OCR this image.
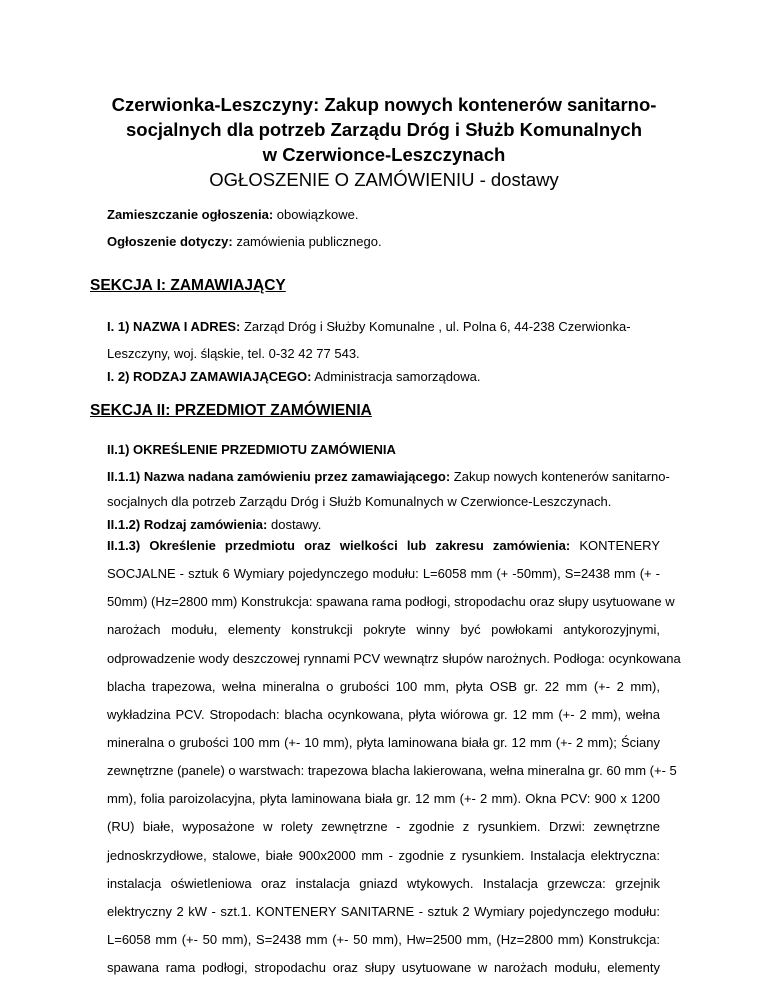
Czerwionka-Leszczyny: Zakup nowych kontenerów sanitarno-
socjalnych dla potrzeb Zarządu Dróg i Służb Komunalnych
w Czerwionce-Leszczynach
OGŁOSZENIE O ZAMÓWIENIU - dostawy
Zamieszczanie ogłoszenia: obowiązkowe.
Ogłoszenie dotyczy: zamówienia publicznego.
SEKCJA I: ZAMAWIAJĄCY
I. 1) NAZWA I ADRES: Zarząd Dróg i Służby Komunalne , ul. Polna 6, 44-238 Czerwionka-
Leszczyny, woj. śląskie, tel. 0-32 42 77 543.
I. 2) RODZAJ ZAMAWIAJĄCEGO: Administracja samorządowa.
SEKCJA II: PRZEDMIOT ZAMÓWIENIA
II.1) OKREŚLENIE PRZEDMIOTU ZAMÓWIENIA
II.1.1) Nazwa nadana zamówieniu przez zamawiającego: Zakup nowych kontenerów sanitarno-
socjalnych dla potrzeb Zarządu Dróg i Służb Komunalnych w Czerwionce-Leszczynach.
II.1.2) Rodzaj zamówienia: dostawy.
II.1.3) Określenie przedmiotu oraz wielkości lub zakresu zamówienia: KONTENERY
SOCJALNE - sztuk 6 Wymiary pojedynczego modułu: L=6058 mm (+ -50mm), S=2438 mm (+ -
50mm) (Hz=2800 mm) Konstrukcja: spawana rama podłogi, stropodachu oraz słupy usytuowane w
narożach modułu, elementy konstrukcji pokryte winny być powłokami antykorozyjnymi,
odprowadzenie wody deszczowej rynnami PCV wewnątrz słupów narożnych. Podłoga: ocynkowana
blacha trapezowa, wełna mineralna o grubości 100 mm, płyta OSB gr. 22 mm (+- 2 mm),
wykładzina PCV. Stropodach: blacha ocynkowana, płyta wiórowa gr. 12 mm (+- 2 mm), wełna
mineralna o grubości 100 mm (+- 10 mm), płyta laminowana biała gr. 12 mm (+- 2 mm); Ściany
zewnętrzne (panele) o warstwach: trapezowa blacha lakierowana, wełna mineralna gr. 60 mm (+- 5
mm), folia paroizolacyjna, płyta laminowana biała gr. 12 mm (+- 2 mm). Okna PCV: 900 x 1200
(RU) białe, wyposażone w rolety zewnętrzne - zgodnie z rysunkiem. Drzwi: zewnętrzne
jednoskrzydłowe, stalowe, białe 900x2000 mm - zgodnie z rysunkiem. Instalacja elektryczna:
instalacja oświetleniowa oraz instalacja gniazd wtykowych. Instalacja grzewcza: grzejnik
elektryczny 2 kW - szt.1. KONTENERY SANITARNE - sztuk 2 Wymiary pojedynczego modułu:
L=6058 mm (+- 50 mm), S=2438 mm (+- 50 mm), Hw=2500 mm, (Hz=2800 mm) Konstrukcja:
spawana rama podłogi, stropodachu oraz słupy usytuowane w narożach modułu, elementy
